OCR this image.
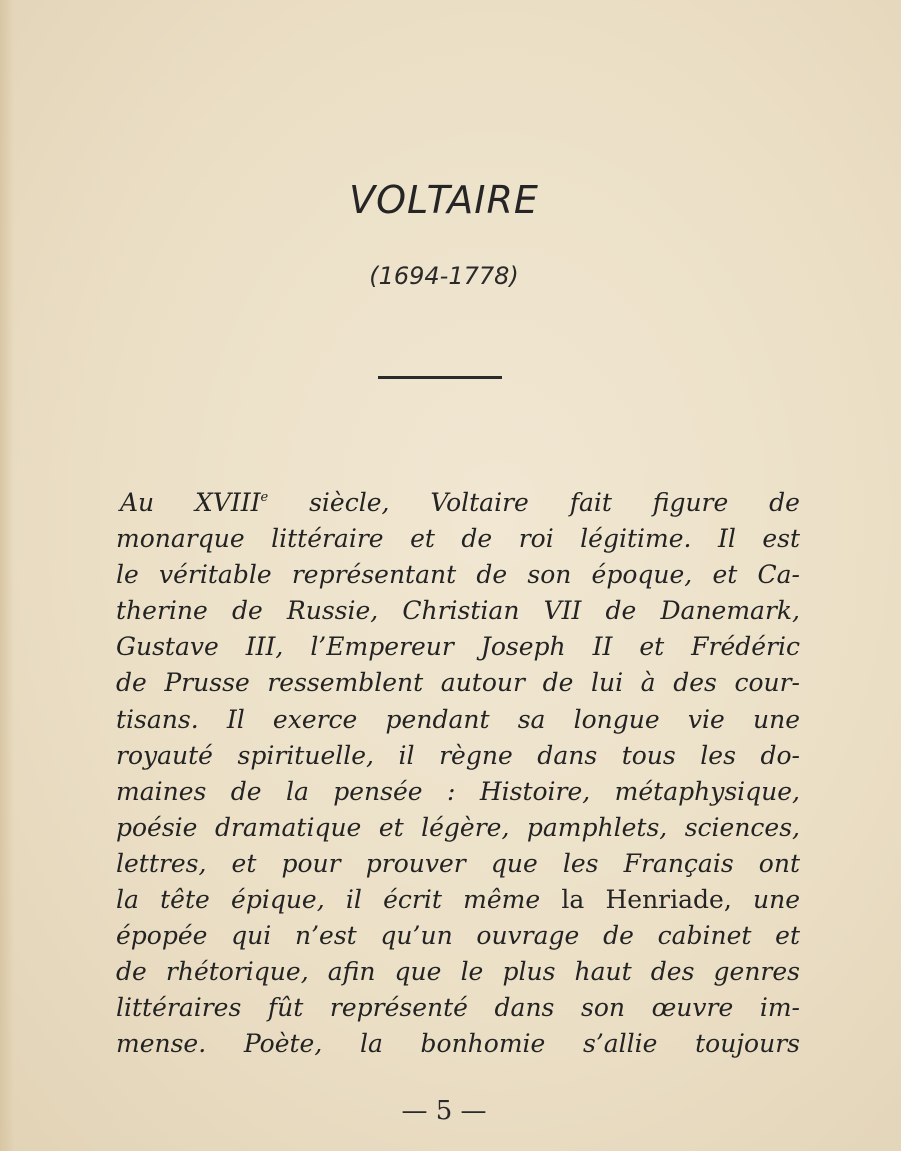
VOLTAIRE
(1694-1778)
Au XVIIIe siècle, Voltaire fait figure de
monarque littéraire et de roi légitime. Il est
le véritable représentant de son époque, et Ca-
therine de Russie, Christian VII de Danemark,
Gustave III, l’Empereur Joseph II et Frédéric
de Prusse ressemblent autour de lui à des cour-
tisans. Il exerce pendant sa longue vie une
royauté spirituelle, il règne dans tous les do-
maines de la pensée : Histoire, métaphysique,
poésie dramatique et légère, pamphlets, sciences,
lettres, et pour prouver que les Français ont
la tête épique, il écrit même la Henriade, une
épopée qui n’est qu’un ouvrage de cabinet et
de rhétorique, afin que le plus haut des genres
littéraires fût représenté dans son œuvre im-
mense. Poète, la bonhomie s’allie toujours
— 5 —
